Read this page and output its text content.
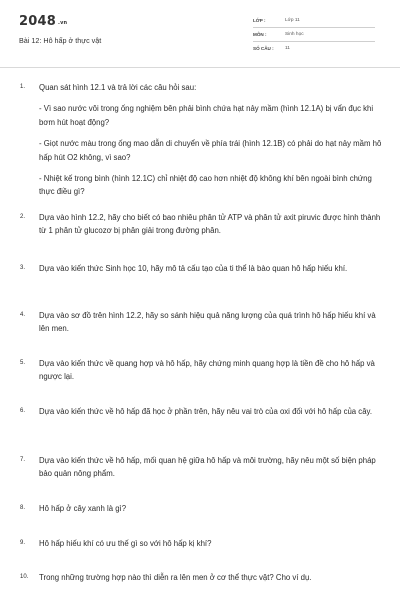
2048 $^{.vn}$
Bài 12: Hô hấp ở thực vật
LỚP :	Lớp 11
MÔN :	Sinh học
SỐ CÂU : 11
1. Quan sát hình 12.1 và trả lời các câu hỏi sau:
- Vì sao nước vôi trong ống nghiệm bên phải bình chứa hạt nảy mầm (hình 12.1A) bị vẩn đục khi bơm hút hoạt động?
- Giọt nước màu trong ống mao dẫn di chuyển về phía trái (hình 12.1B) có phải do hạt nảy mầm hô hấp hút O2 không, vì sao?
- Nhiệt kế trong bình (hình 12.1C) chỉ nhiệt độ cao hơn nhiệt độ không khí bên ngoài bình chứng thực điều gì?
2. Dựa vào hình 12.2, hãy cho biết có bao nhiêu phân tử ATP và phân tử axit piruvic được hình thành từ 1 phân tử glucozơ bị phân giải trong đường phân.
3. Dựa vào kiến thức Sinh học 10, hãy mô tả cấu tạo của ti thể là bào quan hô hấp hiếu khí.
4. Dựa vào sơ đồ trên hình 12.2, hãy so sánh hiệu quả năng lượng của quá trình hô hấp hiếu khí và lên men.
5. Dựa vào kiến thức về quang hợp và hô hấp, hãy chứng minh quang hợp là tiền đề cho hô hấp và ngược lại.
6. Dựa vào kiến thức về hô hấp đã học ở phần trên, hãy nêu vai trò của oxi đối với hô hấp của cây.
7. Dựa vào kiến thức về hô hấp, mối quan hệ giữa hô hấp và môi trường, hãy nêu một số biện pháp bảo quản nông phẩm.
8. Hô hấp ở cây xanh là gì?
9. Hô hấp hiếu khí có ưu thế gì so với hô hấp kị khí?
10. Trong những trường hợp nào thì diễn ra lên men ở cơ thể thực vật? Cho ví dụ.
